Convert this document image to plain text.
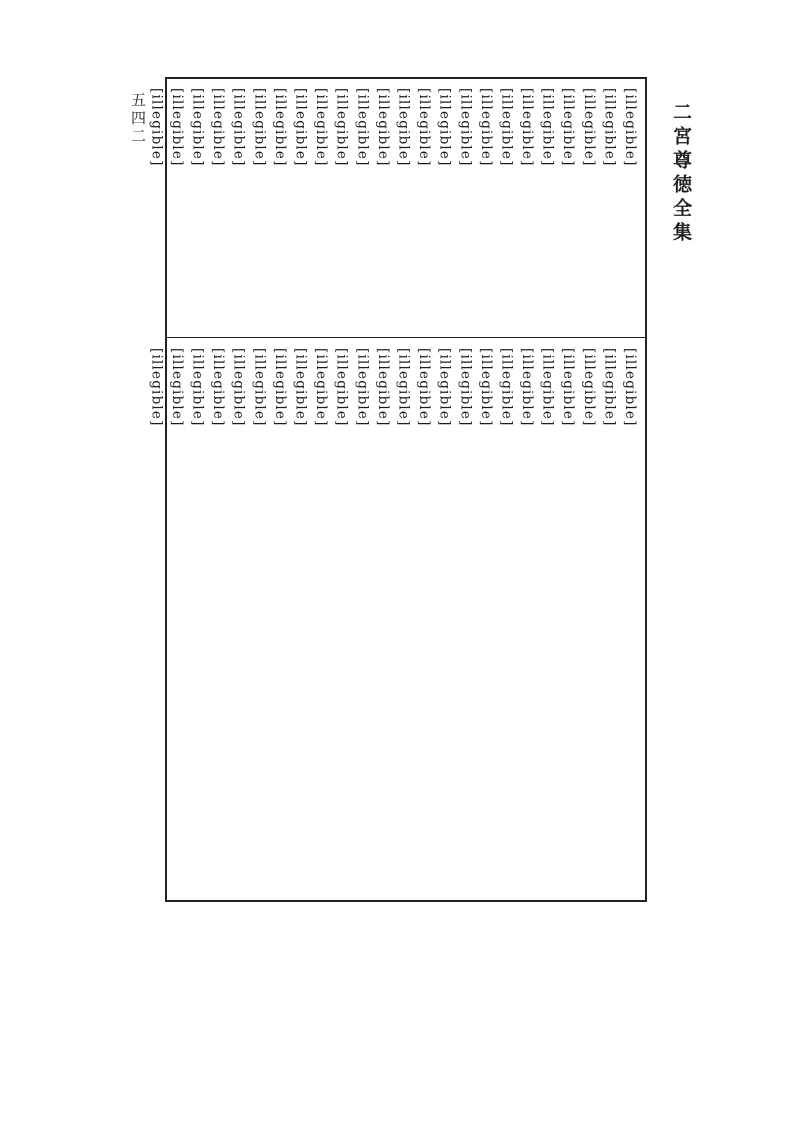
二宮尊徳全集
五四二	[illegible]
[illegible]
[illegible]
[illegible]
[illegible]
[illegible]
[illegible]
[illegible]
[illegible]
[illegible]
[illegible]
[illegible]
[illegible]
[illegible]
[illegible]
[illegible]
[illegible]
[illegible]
[illegible]
[illegible]
[illegible]
[illegible]
[illegible]
[illegible]
[illegible]
[illegible]
[illegible]
[illegible]
[illegible]
[illegible]
[illegible]
[illegible]
[illegible]
[illegible]
[illegible]
[illegible]
[illegible]
[illegible]
[illegible]
[illegible]
[illegible]
[illegible]
[illegible]
[illegible]
[illegible]
[illegible]
[illegible]
[illegible]
